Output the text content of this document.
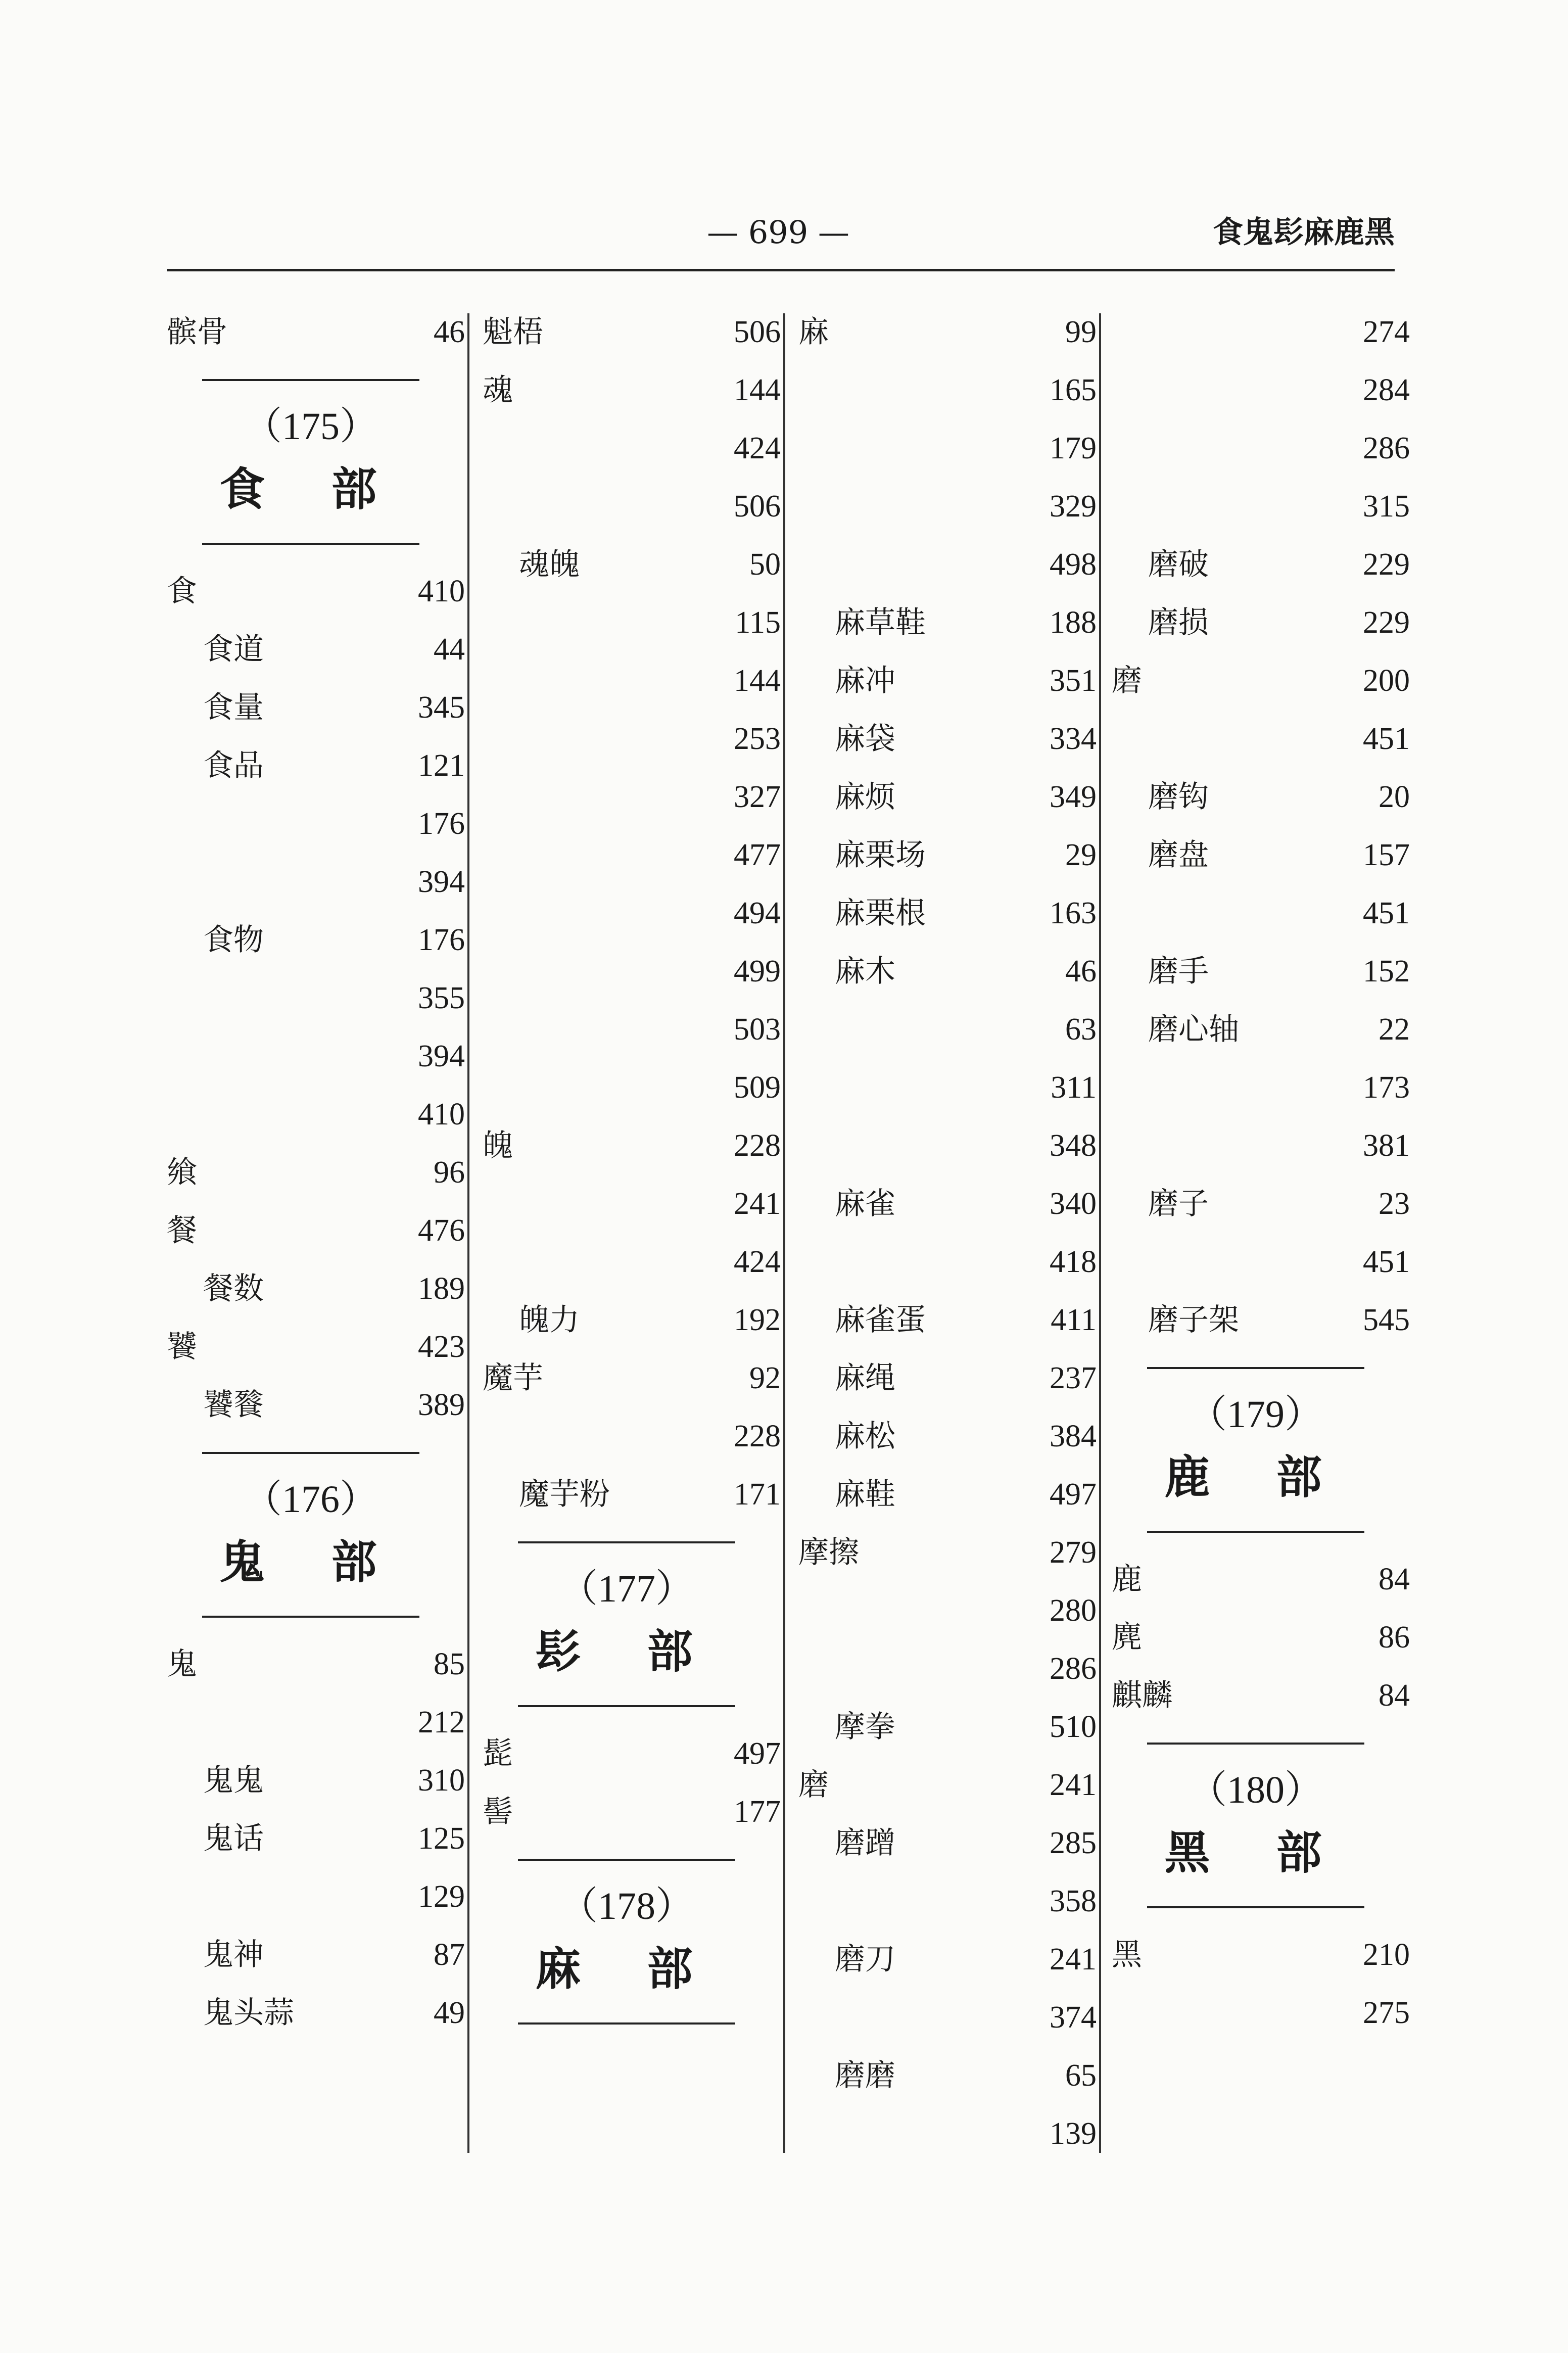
— 699 —	食鬼髟麻鹿黑
髌骨	46
（175）
食 部
食	410
食道	44
食量	345
食品	121
176
394
食物	176
355
394
410
飨	96
餐	476
餐数	189
饕	423
饕餮	389
（176）
鬼 部
鬼	85
212
鬼鬼	310
鬼话	125
129
鬼神	87
鬼头蒜	49
魁梧	506
魂	144
424
506
魂魄	50
115
144
253
327
477
494
499
503
509
魄	228
241
424
魄力	192
魔芋	92
228
魔芋粉	171
（177）
髟 部
髭	497
髻	177
（178）
麻 部
麻	99
165
179
329
498
麻草鞋	188
麻冲	351
麻袋	334
麻烦	349
麻栗场	29
麻栗根	163
麻木	46
63
311
348
麻雀	340
418
麻雀蛋	411
麻绳	237
麻松	384
麻鞋	497
摩擦	279
280
286
摩拳	510
磨	241
磨蹭	285
358
磨刀	241
374
磨磨	65
139
274
284
286
315
磨破	229
磨损	229
磨	200
451
磨钩	20
磨盘	157
451
磨手	152
磨心轴	22
173
381
磨子	23
451
磨子架	545
（179）
鹿 部
鹿	84
麂	86
麒麟	84
（180）
黑 部
黑	210
275
